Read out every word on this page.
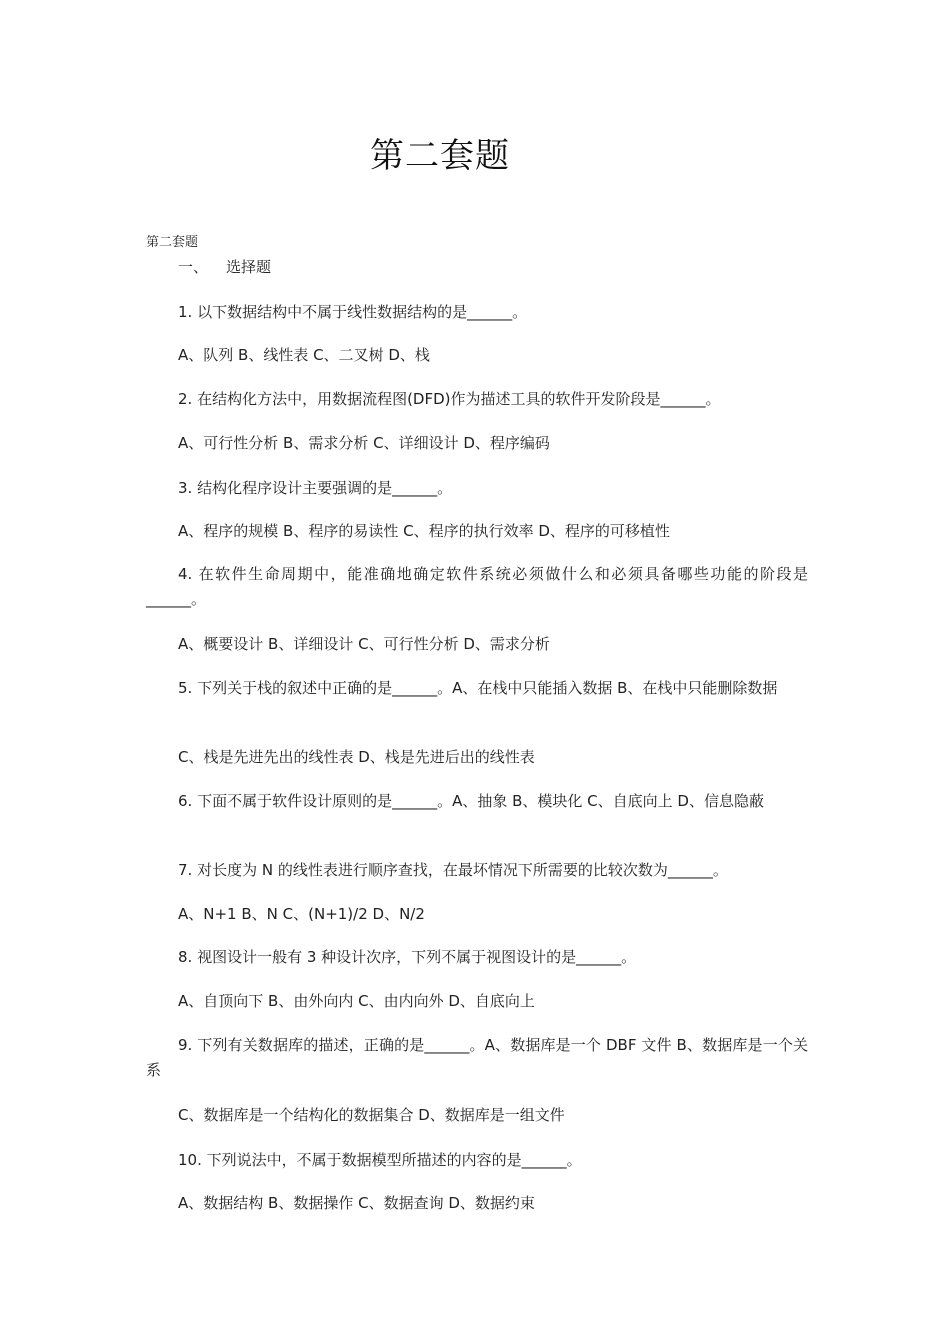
第二套题
第二套题
一、 选择题
1. 以下数据结构中不属于线性数据结构的是______。
A、队列 B、线性表 C、二叉树 D、栈
2. 在结构化方法中，用数据流程图(DFD)作为描述工具的软件开发阶段是______。
A、可行性分析 B、需求分析 C、详细设计 D、程序编码
3. 结构化程序设计主要强调的是______。
A、程序的规模 B、程序的易读性 C、程序的执行效率 D、程序的可移植性
4. 在软件生命周期中，能准确地确定软件系统必须做什么和必须具备哪些功能的阶段是______。
A、概要设计 B、详细设计 C、可行性分析 D、需求分析
5. 下列关于栈的叙述中正确的是______。A、在栈中只能插入数据 B、在栈中只能删除数据
C、栈是先进先出的线性表 D、栈是先进后出的线性表
6. 下面不属于软件设计原则的是______。A、抽象 B、模块化 C、自底向上 D、信息隐蔽
7. 对长度为 N 的线性表进行顺序查找，在最坏情况下所需要的比较次数为______。
A、N+1 B、N C、(N+1)/2 D、N/2
8. 视图设计一般有 3 种设计次序，下列不属于视图设计的是______。
A、自顶向下 B、由外向内 C、由内向外 D、自底向上
9. 下列有关数据库的描述，正确的是______。A、数据库是一个 DBF 文件 B、数据库是一个关系
C、数据库是一个结构化的数据集合 D、数据库是一组文件
10. 下列说法中，不属于数据模型所描述的内容的是______。
A、数据结构 B、数据操作 C、数据查询 D、数据约束
